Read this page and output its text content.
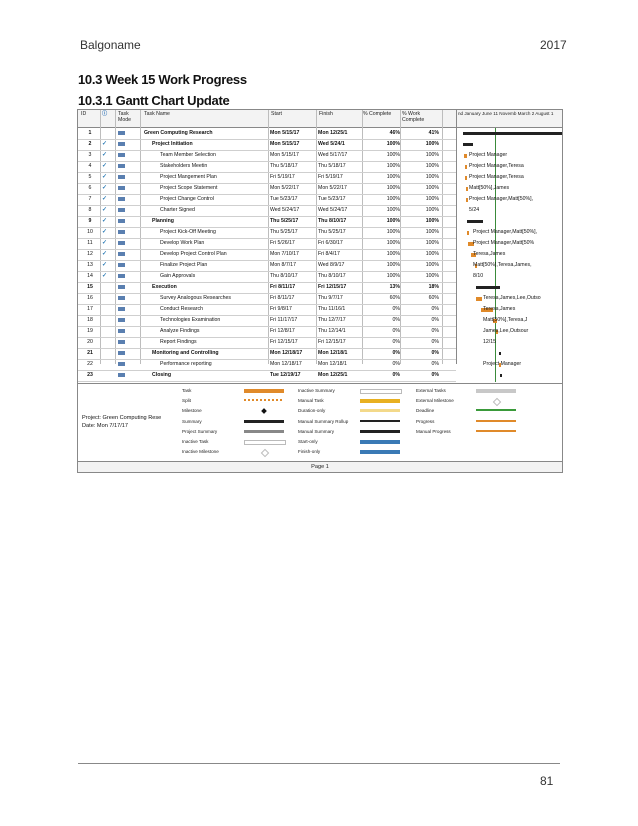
Balgoname	2017
10.3 Week 15 Work Progress
10.3.1 Gantt Chart Update
ID	ⓘ Task
Mode
Task Name	Start	Finish	% Complete % Work
Complete
nd January June 11 Novemb March 2 August 1
1	Green Computing Research	Mon 5/15/17	Mon 12/25/1	46%	41%
2	✓	Project Initiation	Mon 5/15/17	Wed 5/24/1	100%	100%
3	✓	Team Member Selection	Mon 5/15/17	Wed 5/17/17	100%	100%
4	✓	Stakeholders Meetin	Thu 5/18/17	Thu 5/18/17	100%	100%
5	✓	Project Mangement Plan	Fri 5/19/17	Fri 5/19/17	100%	100%
6	✓	Project Scope Statement	Mon 5/22/17	Mon 5/22/17	100%	100%
7	✓	Project Change Control	Tue 5/23/17	Tue 5/23/17	100%	100%
8	✓	Charter Signed	Wed 5/24/17	Wed 5/24/17	100%	100%
9	✓	Planning	Thu 5/25/17	Thu 8/10/17	100%	100%
10	✓	Project Kick-Off Meeting	Thu 5/25/17	Thu 5/25/17	100%	100%
11	✓	Develop Work Plan	Fri 5/26/17	Fri 6/30/17	100%	100%
12	✓	Develop Project Control Plan	Mon 7/10/17	Fri 8/4/17	100%	100%
13	✓	Finalize Project Plan	Mon 8/7/17	Wed 8/9/17	100%	100%
14	✓	Gain Approvals	Thu 8/10/17	Thu 8/10/17	100%	100%
15	Execution	Fri 8/11/17	Fri 12/15/17	13%	18%
16	Survey Analogous Researches	Fri 8/11/17	Thu 9/7/17	60%	60%
17	Conduct Research	Fri 9/8/17	Thu 11/16/1	0%	0%
18	Technologies Examination	Fri 11/17/17	Thu 12/7/17	0%	0%
19	Analyze Findings	Fri 12/8/17	Thu 12/14/1	0%	0%
20	Report Findings	Fri 12/15/17	Fri 12/15/17	0%	0%
21	Monitoring and Controlling	Mon 12/18/17	Mon 12/18/1	0%	0%
22	Performance reporting	Mon 12/18/17	Mon 12/18/1	0%	0%
23	Closing	Tue 12/19/17	Mon 12/25/1	0%	0%
Project Manager
Project Manager,Teresa
Project Manager,Teresa
Matt[50%],James
Project Manager,Matt[50%],
5/24
Project Manager,Matt[50%],
Project Manager,Matt[50%
Teresa,James
Matt[50%],Teresa,James,
8/10
Teresa,James,Lee,Outso
Teresa,James
Matt[50%],Teresa,J
James,Lee,Outsour
12/15
Project Manager
Project: Green Computing Rese
Date: Mon 7/17/17
Task
Split
Milestone
Summary
Project Summary
Inactive Task
Inactive Milestone
Inactive Summary
Manual Task
Duration-only
Manual Summary Rollup
Manual Summary
Start-only
Finish-only
External Tasks
External Milestone
Deadline
Progress
Manual Progress
Page 1
81
